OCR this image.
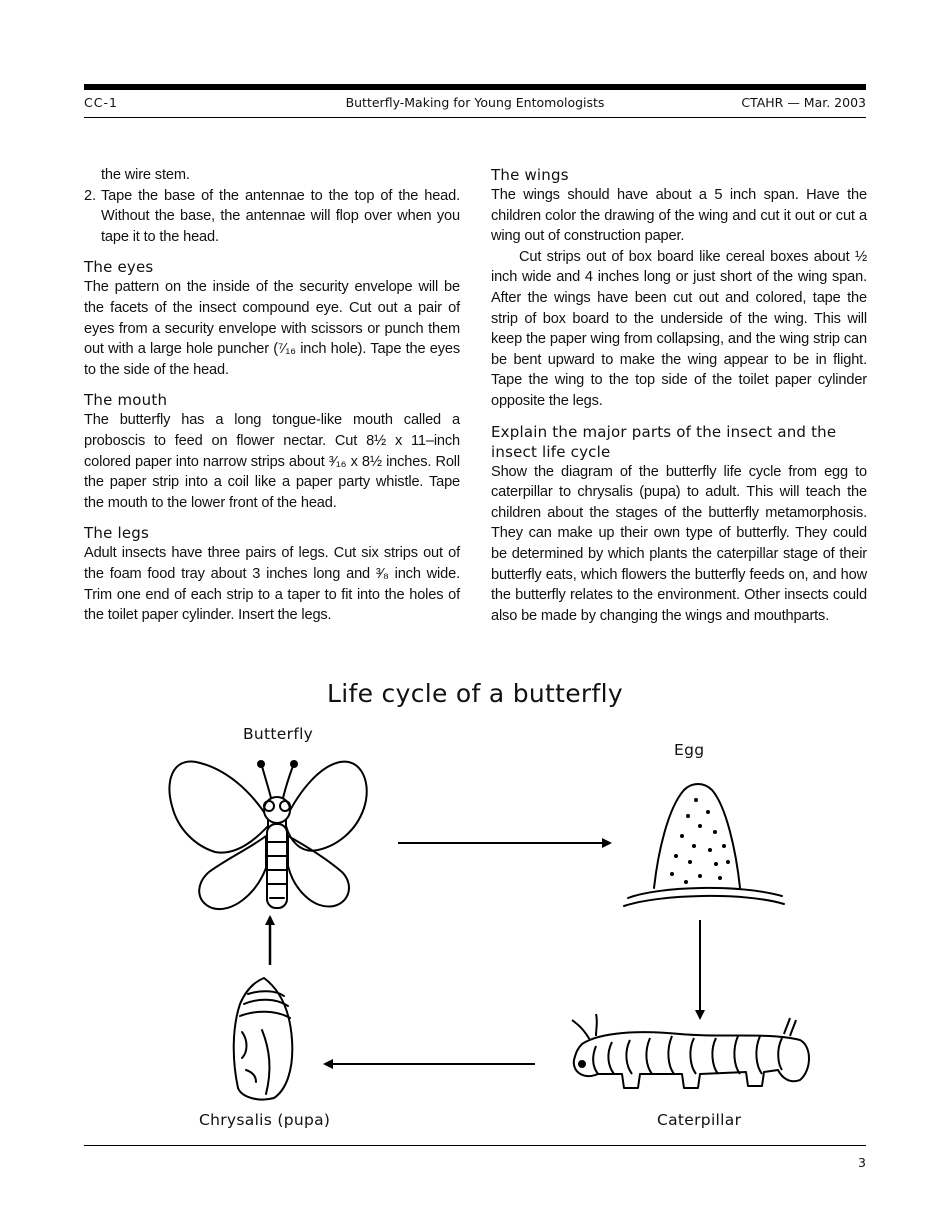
CC-1	Butterfly-Making for Young Entomologists	CTAHR — Mar. 2003

the wire stem.

2. Tape the base of the antennae to the top of the head. Without the base, the antennae will flop over when you tape it to the head.

The eyes

The pattern on the inside of the security envelope will be the facets of the insect compound eye. Cut out a pair of eyes from a security envelope with scissors or punch them out with a large hole puncher (⁷⁄₁₆ inch hole). Tape the eyes to the side of the head.

The mouth

The butterfly has a long tongue-like mouth called a proboscis to feed on flower nectar. Cut 8½ x 11–inch colored paper into narrow strips about ³⁄₁₆ x 8½ inches. Roll the paper strip into a coil like a paper party whistle. Tape the mouth to the lower front of the head.

The legs

Adult insects have three pairs of legs. Cut six strips out of the foam food tray about 3 inches long and ³⁄₈ inch wide. Trim one end of each strip to a taper to fit into the holes of the toilet paper cylinder. Insert the legs.

The wings

The wings should have about a 5 inch span. Have the children color the drawing of the wing and cut it out or cut a wing out of construction paper.

Cut strips out of box board like cereal boxes about ½ inch wide and 4 inches long or just short of the wing span. After the wings have been cut out and colored, tape the strip of box board to the underside of the wing. This will keep the paper wing from collapsing, and the wing strip can be bent upward to make the wing appear to be in flight. Tape the wing to the top side of the toilet paper cylinder opposite the legs.

Explain the major parts of the insect and the insect life cycle

Show the diagram of the butterfly life cycle from egg to caterpillar to chrysalis (pupa) to adult. This will teach the children about the stages of the butterfly metamorphosis. They can make up their own type of butterfly. They could be determined by which plants the caterpillar stage of their butterfly eats, which flowers the butterfly feeds on, and how the butterfly relates to the environment. Other insects could also be made by changing the wings and mouthparts.

Life cycle of a butterfly
Butterfly
Egg
Caterpillar
Chrysalis (pupa)
3
